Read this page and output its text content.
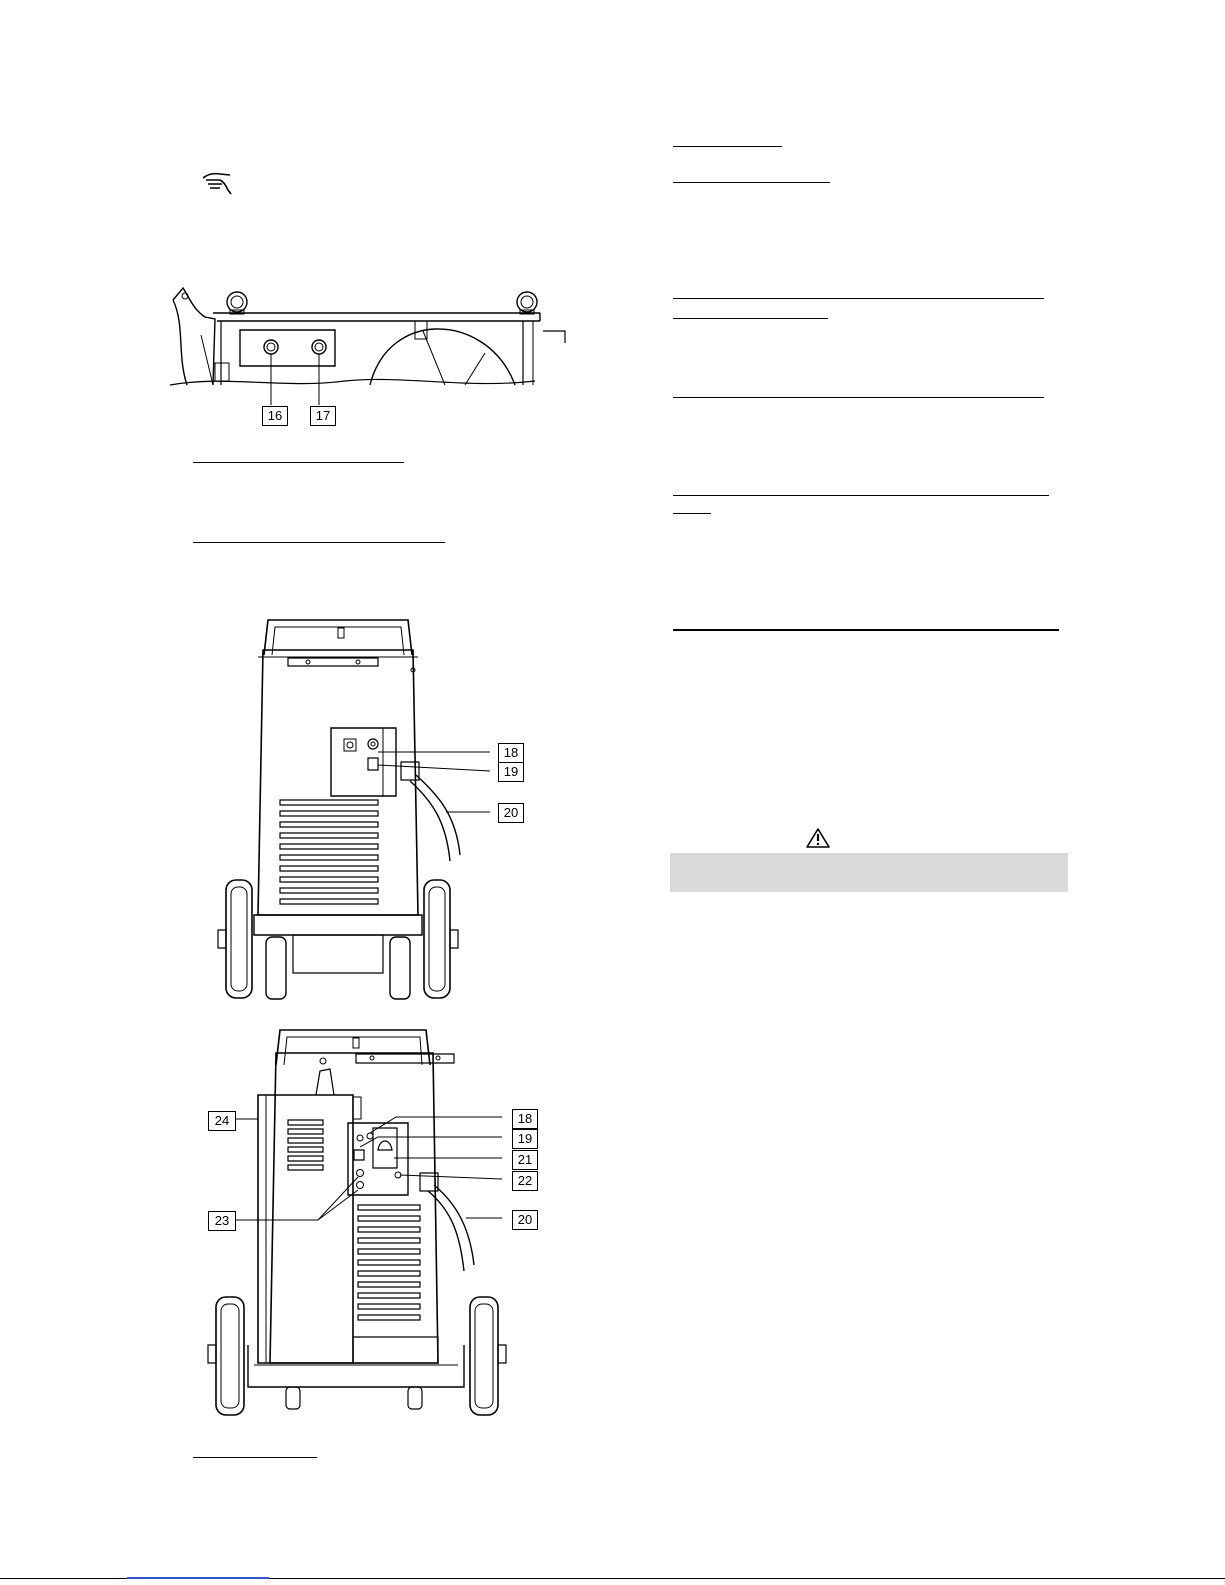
16	17
18
19
20
24	18
19
21
22
23	20
